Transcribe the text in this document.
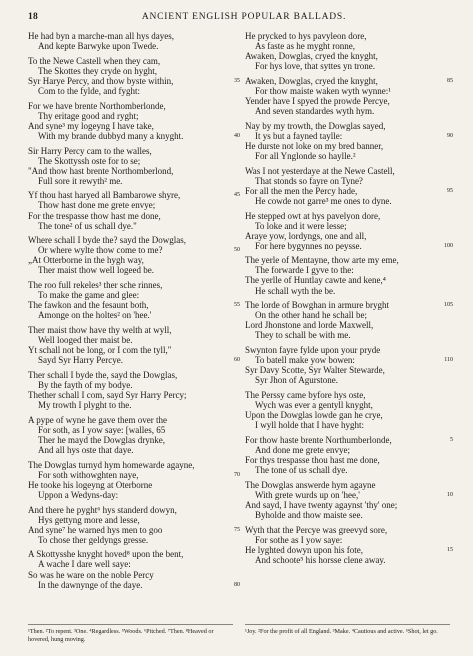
18	ANCIENT ENGLISH POPULAR BALLADS.
He had byn a marche-man all hys dayes,
And kepte Barwyke upon Twede.
To the Newe Castell when they cam,
The Skottes they cryde on hyght,
Syr Harye Percy, and thow byste within,	35
Com to the fylde, and fyght:
For we have brente Northomberlonde,
Thy eritage good and ryght;
And syne³ my logeyng I have take,
With my brande dubbyd many a knyght.	40
Sir Harry Percy cam to the walles,
The Skottyssh oste for to se;
"And thow hast brente Northomberlond,
Full sore it rewyth² me.
Yf thou hast haryed all Bambarowe shyre,	45
Thow hast done me grete envye;
For the trespasse thow hast me done,
The tone² of us schall dye."
Where schall I byde the? sayd the Dowglas,
Or where wylte thow come to me?	50
„At Otterborne in the hygh way,
Ther maist thow well logeed be.
The roo full rekeles³ ther sche rinnes,
To make the game and glee:
The fawkon and the fesaunt both,	55
Amonge on the holtes² on 'hee.'
Ther maist thow have thy welth at wyll,
Well looged ther maist be.
Yt schall not be long, or I com the tyll,"
Sayd Syr Harry Percye.	60
Ther schall I byde the, sayd the Dowglas,
By the fayth of my bodye.
Thether schall I com, sayd Syr Harry Percy;
My trowth I plyght to the.
A pype of wyne he gave them over the
For soth, as I yow saye: [walles, 65
Ther he mayd the Dowglas drynke,
And all hys oste that daye.
The Dowglas turnyd hym homewarde agayne,
For soth withowghten naye,	70
He tooke his logeyng at Oterborne
Uppon a Wedyns-day:
And there he pyght⁶ hys standerd dowyn,
Hys gettyng more and lesse,
And syne⁷ he warned hys men to goo	75
To chose ther geldyngs gresse.
A Skottysshe knyght hoved⁸ upon the bent,
A wache I dare well saye:
So was he ware on the noble Percy
In the dawnynge of the daye.	80
He prycked to hys pavyleon dore,
As faste as he myght ronne,
Awaken, Dowglas, cryed the knyght,
For hys love, that syttes yn trone.
Awaken, Dowglas, cryed the knyght,	85
For thow maiste waken wyth wynne:¹
Yender have I spyed the prowde Percye,
And seven standardes wyth hym.
Nay by my trowth, the Dowglas sayed,
It ys but a fayned taylle:	90
He durste not loke on my bred banner,
For all Ynglonde so haylle.²
Was I not yesterdaye at the Newe Castell,
That stonds so fayre on Tyne?
For all the men the Percy hade,	95
He cowde not garre³ me ones to dyne.
He stepped owt at hys pavelyon dore,
To loke and it were lesse;
Araye yow, lordyngs, one and all,
For here bygynnes no peysse.	100
The yerle of Mentayne, thow arte my eme,
The forwarde I gyve to the:
The yerlle of Huntlay cawte and kene,⁴
He schall wyth the be.
The lorde of Bowghan in armure bryght	105
On the other hand he schall be;
Lord Jhonstone and lorde Maxwell,
They to schall be with me.
Swynton fayre fylde upon your pryde
To batell make yow bowen:	110
Syr Davy Scotte, Syr Walter Stewarde,
Syr Jhon of Agurstone.
The Perssy came byfore hys oste,
Wych was ever a gentyll knyght,
Upon the Dowglas lowde gan he crye,
I wyll holde that I have hyght:
For thow haste brente Northumberlonde,	5
And done me grete envye;
For thys trespasse thou hast me done,
The tone of us schall dye.
The Dowglas answerde hym agayne
With grete wurds up on 'hee,'	10
And sayd, I have twenty agaynst 'thy' one;
Byholde and thow maiste see.
Wyth that the Percye was greevyd sore,
For sothe as I yow saye:
He lyghted dowyn upon his fote,	15
And schoote⁵ his horsse clene away.
¹Then. ²To repent. ³One. ⁴Regardless. ⁵Woods. ⁶Pitched. ⁷Then. ⁸Heaved or hovered, hung moving.
¹Joy. ²For the profit of all England. ³Make. ⁴Cautious and active. ⁵Shot, let go.
